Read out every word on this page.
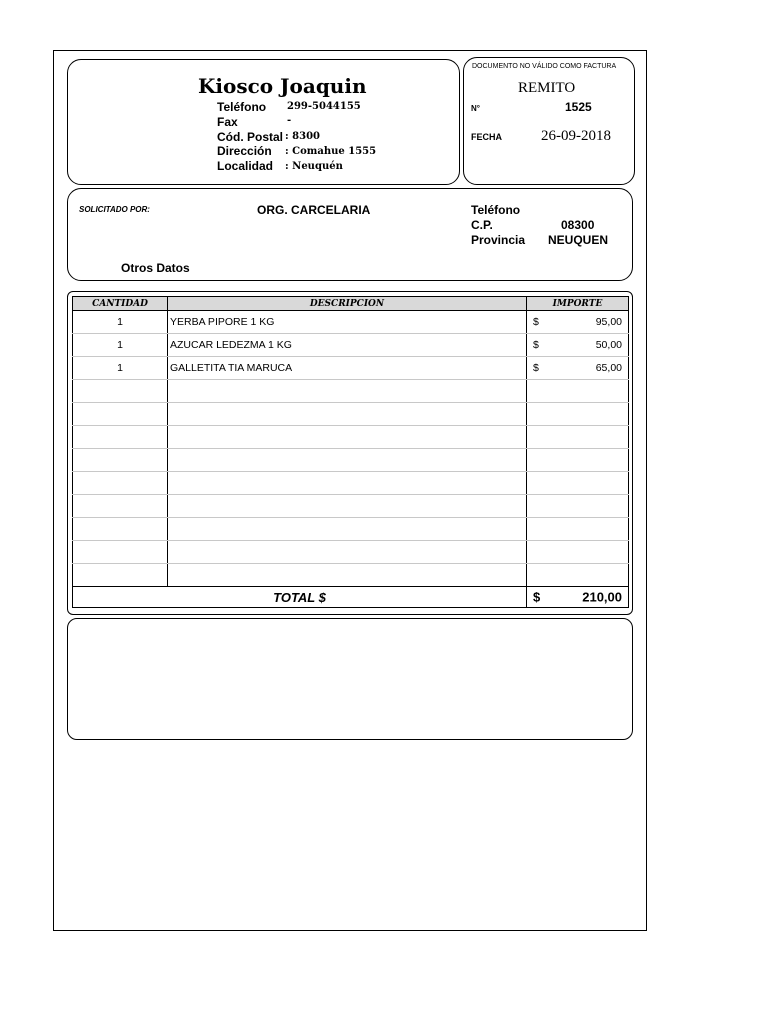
Kiosco Joaquin
Teléfono 299-5044155
Fax	-
Cód. Postal : 8300
Dirección : Comahue 1555
Localidad : Neuquén
DOCUMENTO NO VÁLIDO COMO FACTURA
REMITO
N°	1525
FECHA	26-09-2018
SOLICITADO POR:	ORG. CARCELARIA	Teléfono
C.P.	08300
Provincia NEUQUEN
Otros Datos
CANTIDAD	DESCRIPCION	IMPORTE
1	YERBA PIPORE 1 KG	$ 95,00

1	AZUCAR LEDEZMA 1 KG	$ 50,00

1	GALLETITA TIA MARUCA	$ 65,00

TOTAL $		$ 210,00
